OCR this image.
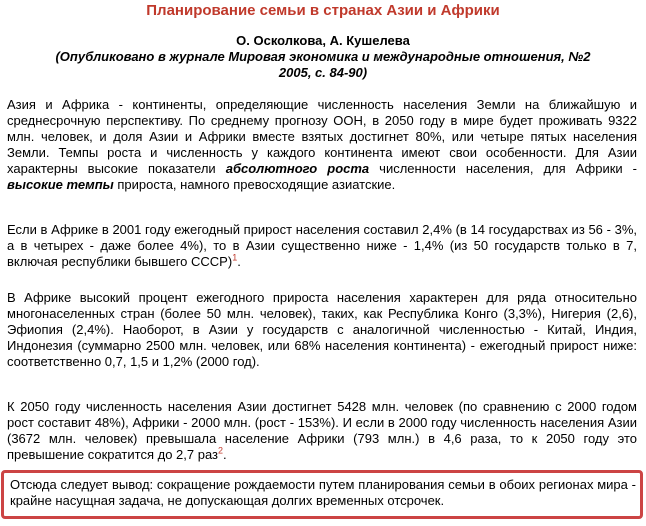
Планирование семьи в странах Азии и Африки
О. Осколкова, А. Кушелева
(Опубликовано в журнале Мировая экономика и международные отношения, №2
2005, с. 84-90)
Азия и Африка - континенты, определяющие численность населения Земли на ближайшую и среднесрочную перспективу. По среднему прогнозу ООН, в 2050 году в мире будет проживать 9322 млн. человек, и доля Азии и Африки вместе взятых достигнет 80%, или четыре пятых населения Земли. Темпы роста и численность у каждого континента имеют свои особенности. Для Азии характерны высокие показатели абсолютного роста численности населения, для Африки - высокие темпы прироста, намного превосходящие азиатские.
Если в Африке в 2001 году ежегодный прирост населения составил 2,4% (в 14 государствах из 56 - 3%, а в четырех - даже более 4%), то в Азии существенно ниже - 1,4% (из 50 государств только в 7, включая республики бывшего СССР)$^1$.
В Африке высокий процент ежегодного прироста населения характерен для ряда относительно многонаселенных стран (более 50 млн. человек), таких, как Республика Конго (3,3%), Нигерия (2,6), Эфиопия (2,4%). Наоборот, в Азии у государств с аналогичной численностью - Китай, Индия, Индонезия (суммарно 2500 млн. человек, или 68% населения континента) - ежегодный прирост ниже: соответственно 0,7, 1,5 и 1,2% (2000 год).
К 2050 году численность населения Азии достигнет 5428 млн. человек (по сравнению с 2000 годом рост составит 48%), Африки - 2000 млн. (рост - 153%). И если в 2000 году численность населения Азии (3672 млн. человек) превышала население Африки (793 млн.) в 4,6 раза, то к 2050 году это превышение сократится до 2,7 раз$^2$.
Отсюда следует вывод: сокращение рождаемости путем планирования семьи в обоих регионах мира - крайне насущная задача, не допускающая долгих временных отсрочек.
